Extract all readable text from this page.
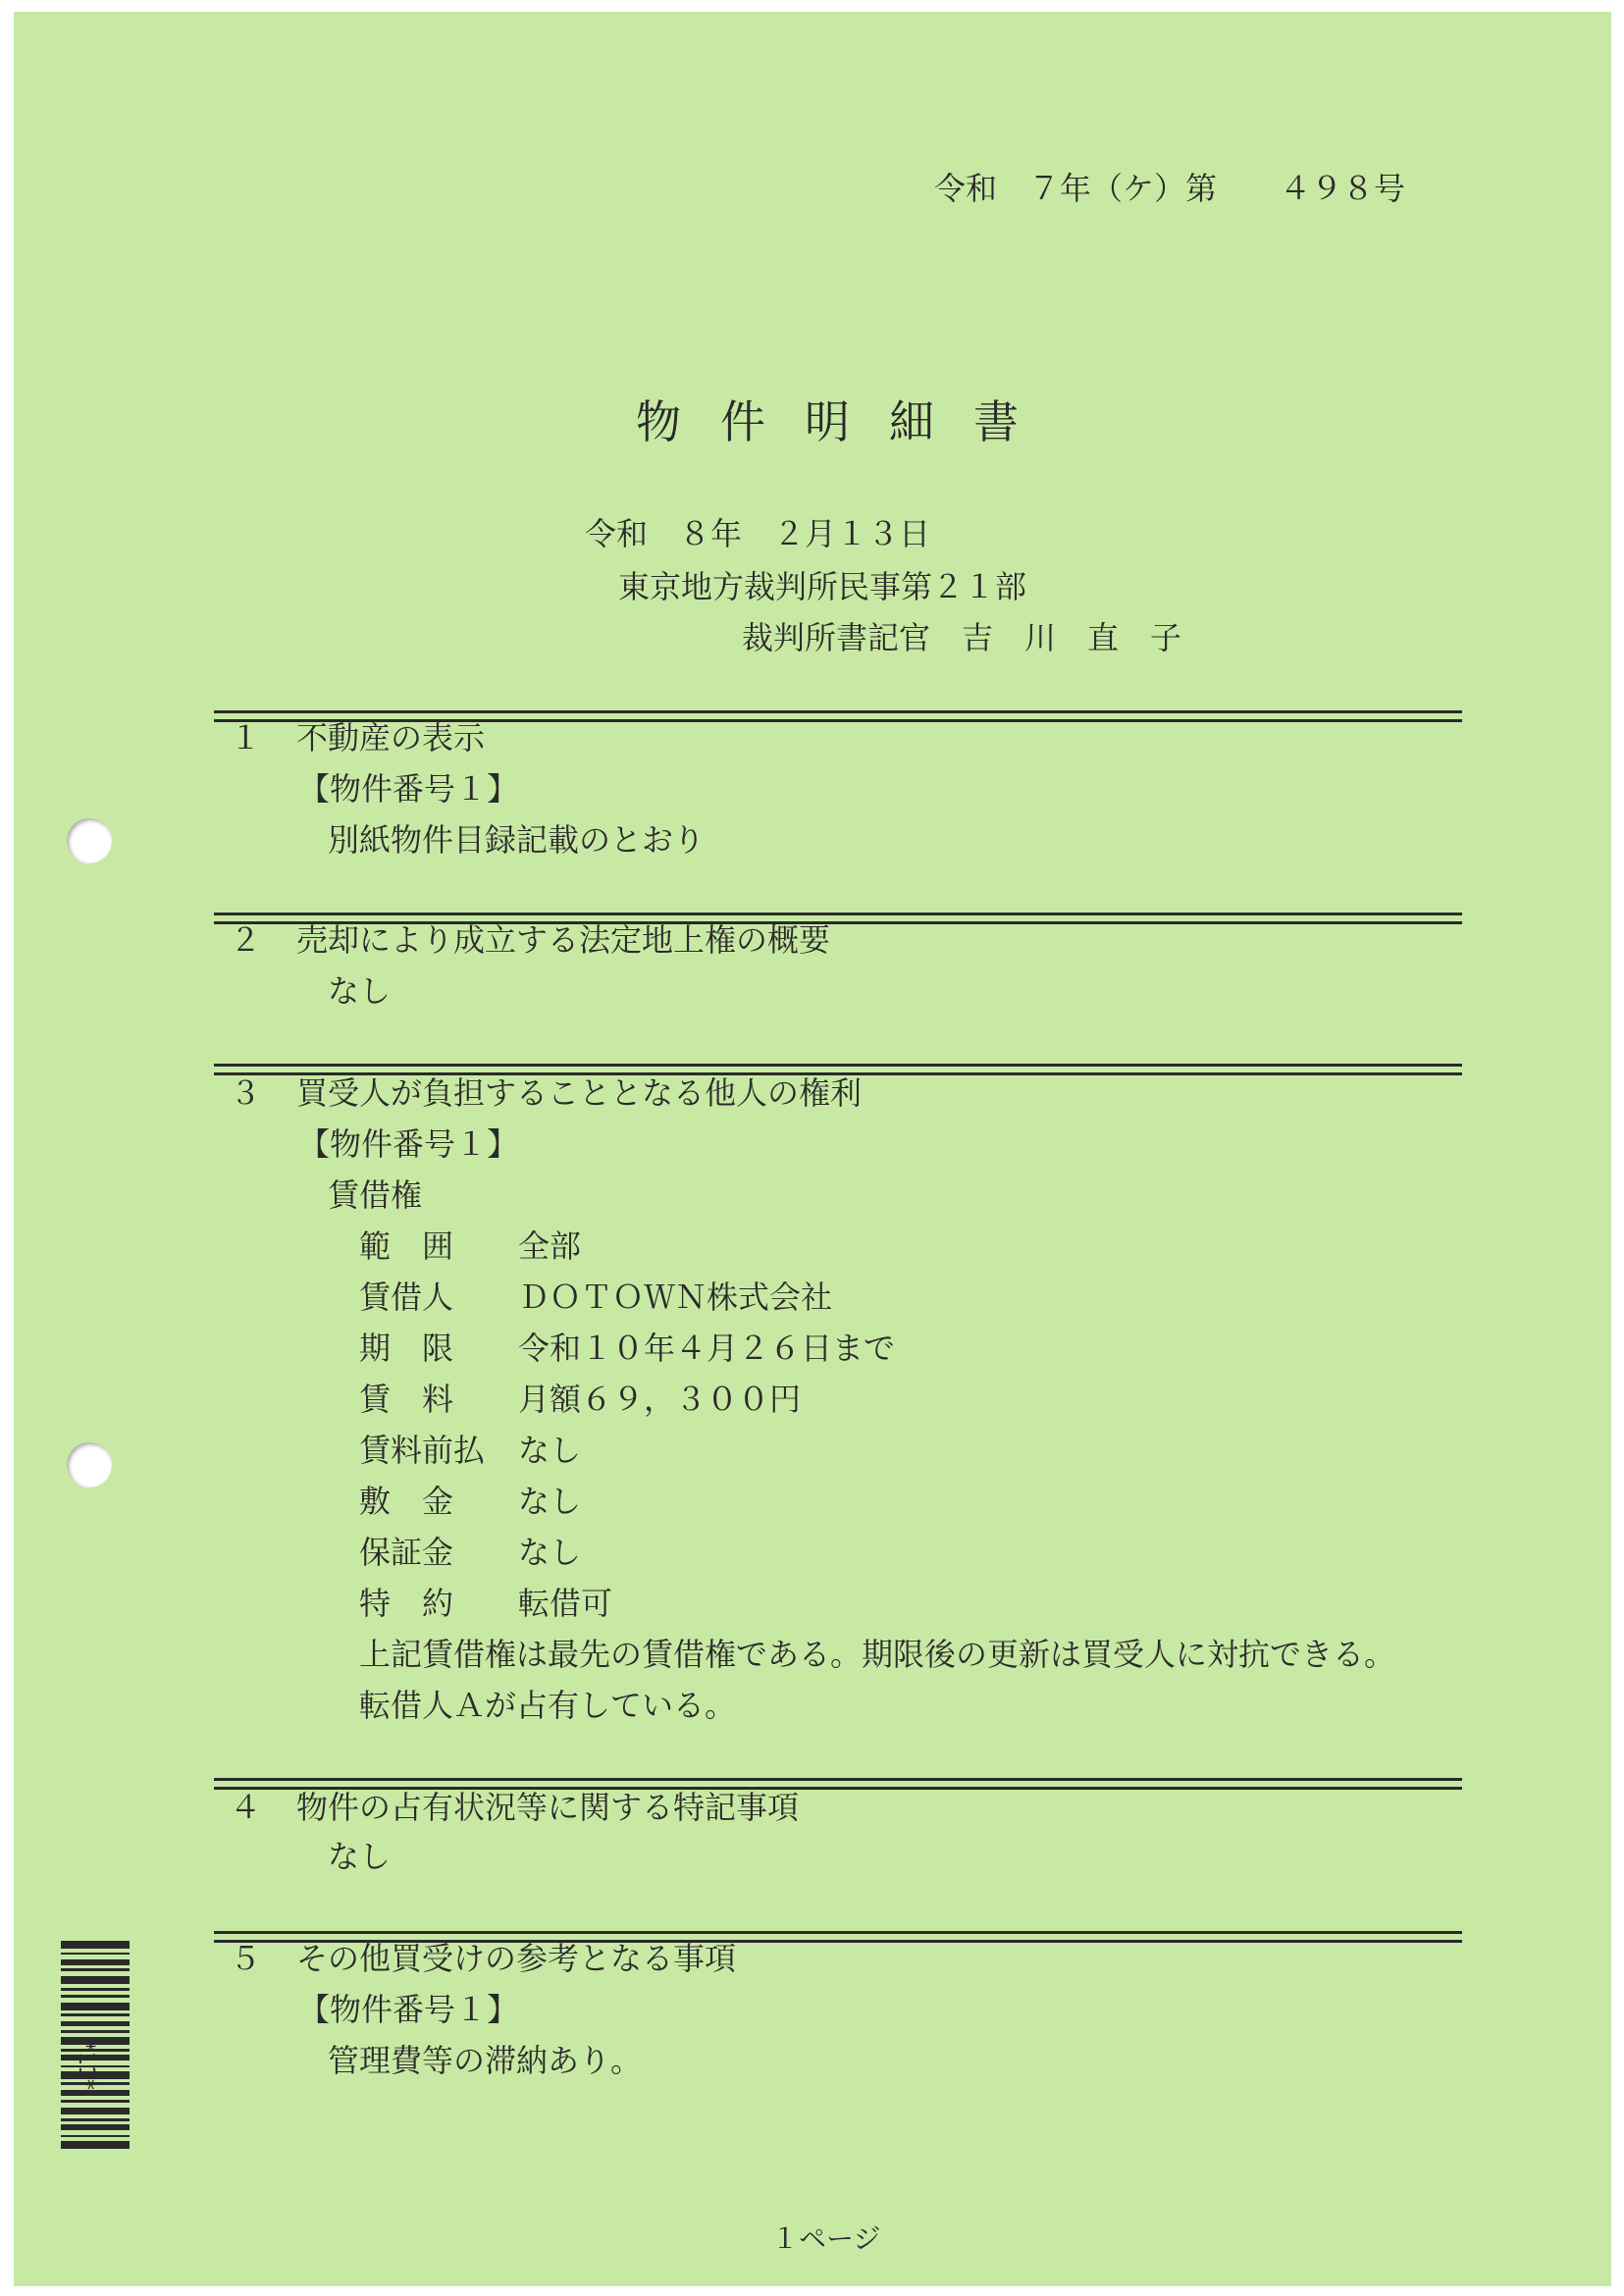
令和　７年（ケ）第　　４９８号
物件明細書
令和　８年　２月１３日
東京地方裁判所民事第２１部
裁判所書記官　吉　川　直　子
１ 不動産の表示
【物件番号１】
別紙物件目録記載のとおり
２ 売却により成立する法定地上権の概要
なし
３ 買受人が負担することとなる他人の権利
【物件番号１】
賃借権
範　囲 全部
賃借人 ＤＯＴＯＷＮ株式会社
期　限 令和１０年４月２６日まで
賃　料 月額６９，３００円
賃料前払 なし
敷　金 なし
保証金 なし
特　約 転借可
上記賃借権は最先の賃借権である。期限後の更新は買受人に対抗できる。
転借人Ａが占有している。
４ 物件の占有状況等に関する特記事項
なし
５ その他買受けの参考となる事項
【物件番号１】
管理費等の滞納あり。
*11*
１ページ
